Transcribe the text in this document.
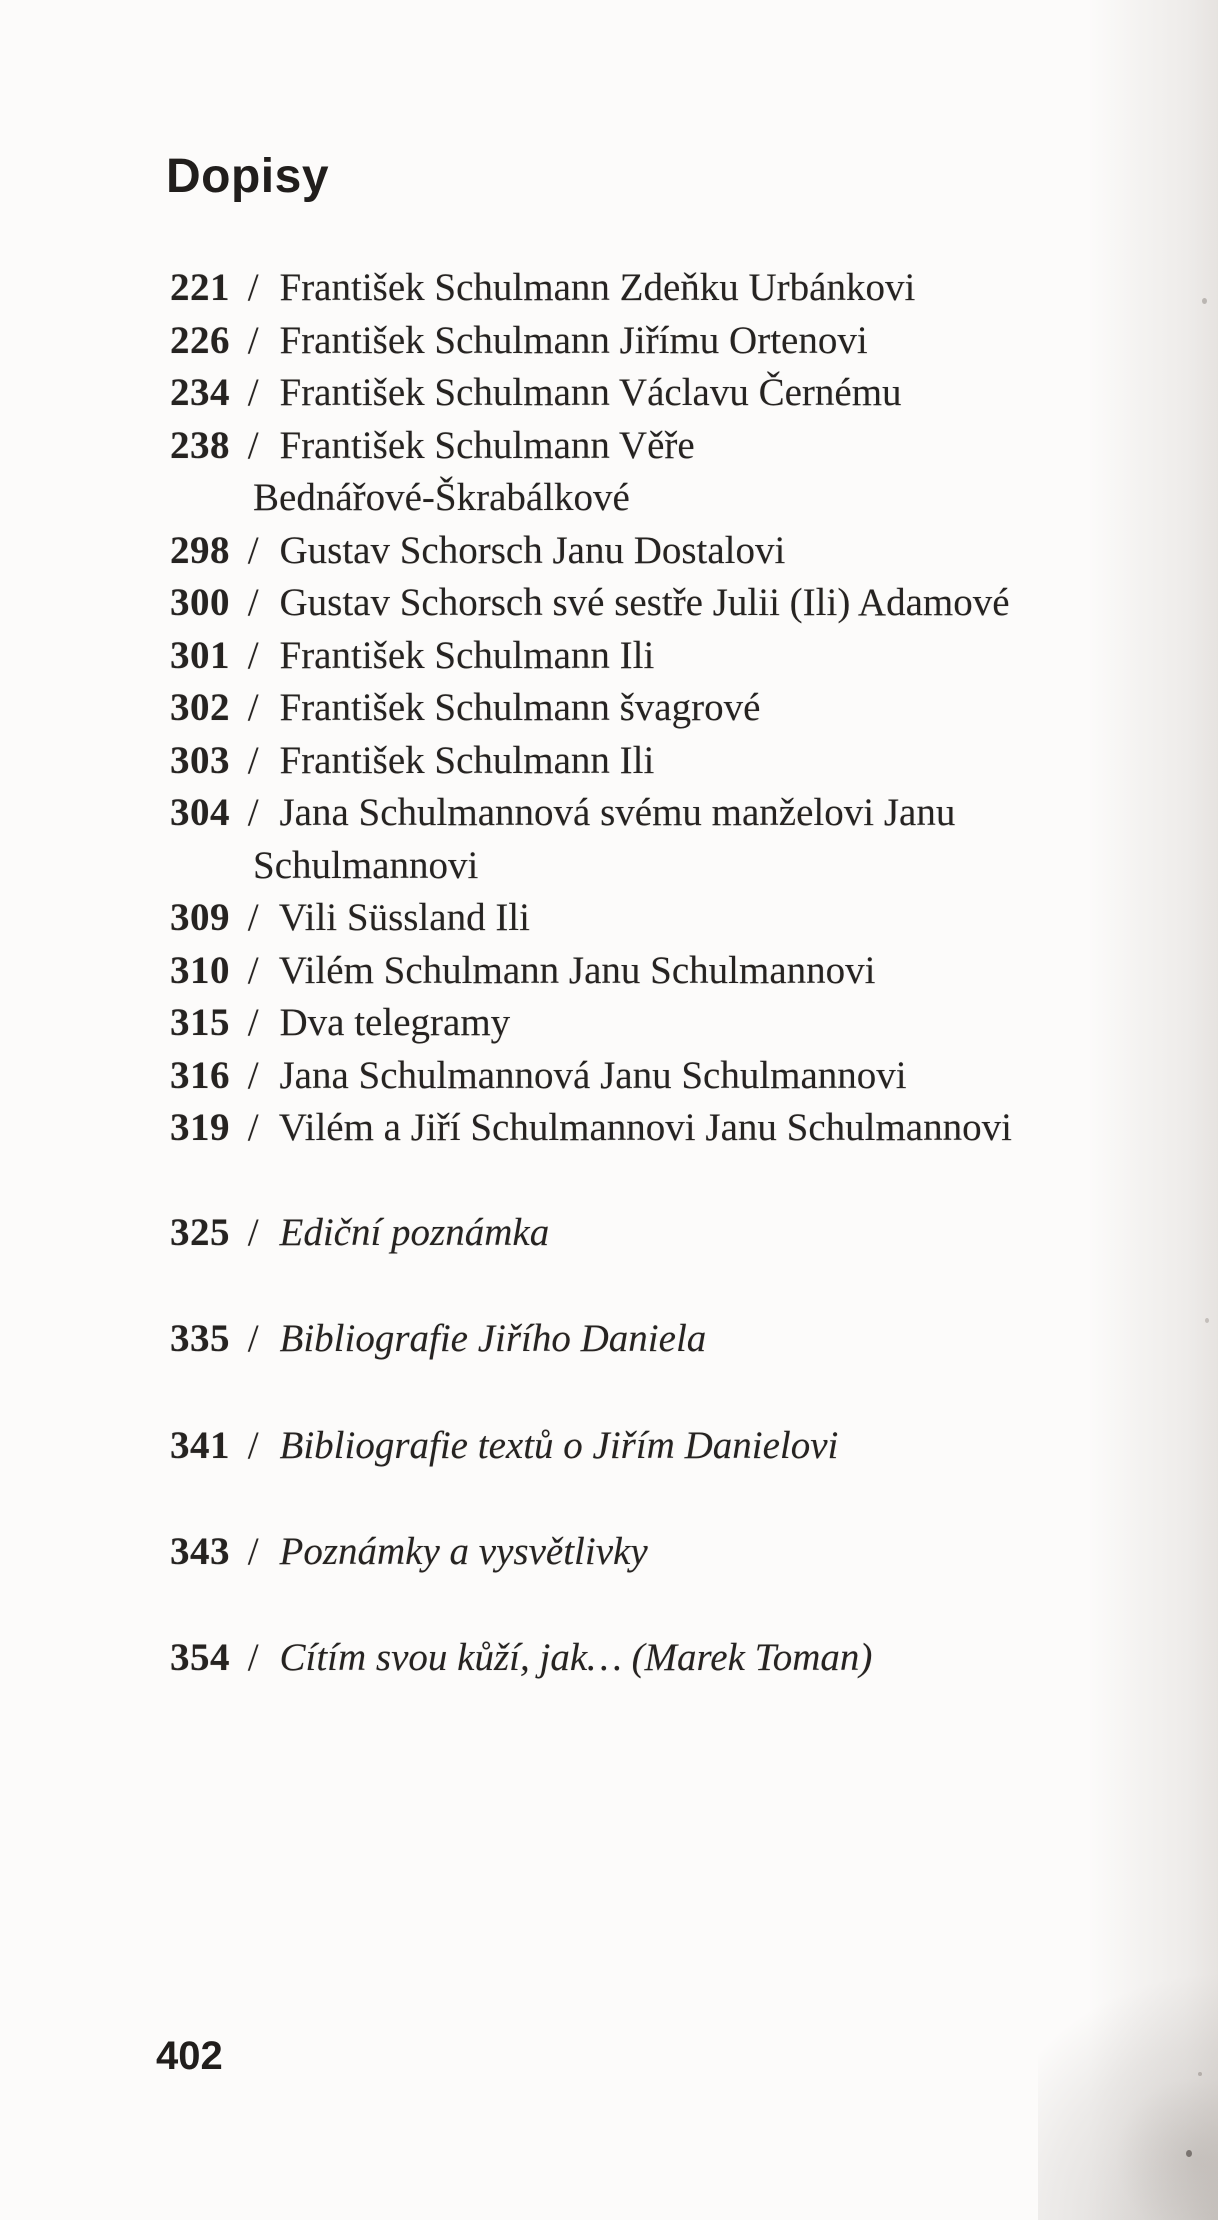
Dopisy
221 / František Schulmann Zdeňku Urbánkovi
226 / František Schulmann Jiřímu Ortenovi
234 / František Schulmann Václavu Černému
238 / František Schulmann Věře
Bednářové-Škrabálkové
298 / Gustav Schorsch Janu Dostalovi
300 / Gustav Schorsch své sestře Julii (Ili) Adamové
301 / František Schulmann Ili
302 / František Schulmann švagrové
303 / František Schulmann Ili
304 / Jana Schulmannová svému manželovi Janu
Schulmannovi
309 / Vili Süssland Ili
310 / Vilém Schulmann Janu Schulmannovi
315 / Dva telegramy
316 / Jana Schulmannová Janu Schulmannovi
319 / Vilém a Jiří Schulmannovi Janu Schulmannovi
325 / Ediční poznámka
335 / Bibliografie Jiřího Daniela
341 / Bibliografie textů o Jiřím Danielovi
343 / Poznámky a vysvětlivky
354 / Cítím svou kůží, jak… (Marek Toman)
402
